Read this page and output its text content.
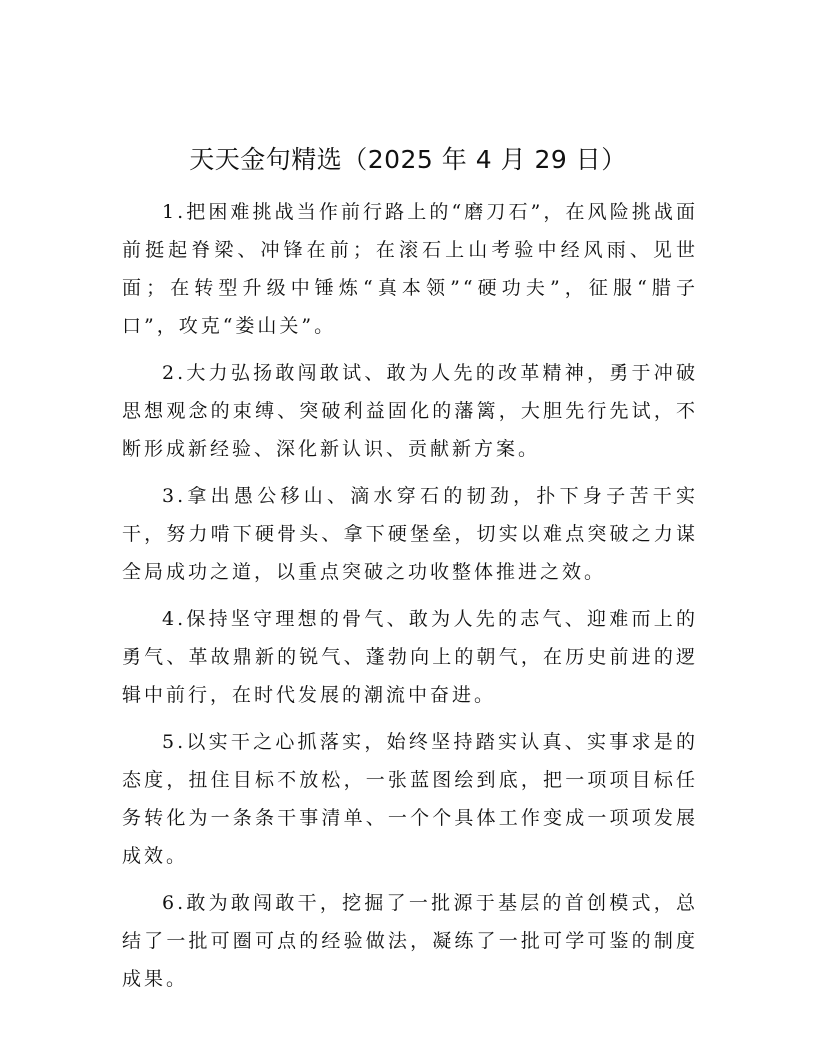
天天金句精选（2025 年 4 月 29 日）

1.把困难挑战当作前行路上的“磨刀石”，在风险挑战面前挺起脊梁、冲锋在前；在滚石上山考验中经风雨、见世面；在转型升级中锤炼“真本领”“硬功夫”，征服“腊子口”，攻克“娄山关”。

2.大力弘扬敢闯敢试、敢为人先的改革精神，勇于冲破思想观念的束缚、突破利益固化的藩篱，大胆先行先试，不断形成新经验、深化新认识、贡献新方案。

3.拿出愚公移山、滴水穿石的韧劲，扑下身子苦干实干，努力啃下硬骨头、拿下硬堡垒，切实以难点突破之力谋全局成功之道，以重点突破之功收整体推进之效。

4.保持坚守理想的骨气、敢为人先的志气、迎难而上的勇气、革故鼎新的锐气、蓬勃向上的朝气，在历史前进的逻辑中前行，在时代发展的潮流中奋进。

5.以实干之心抓落实，始终坚持踏实认真、实事求是的态度，扭住目标不放松，一张蓝图绘到底，把一项项目标任务转化为一条条干事清单、一个个具体工作变成一项项发展成效。

6.敢为敢闯敢干，挖掘了一批源于基层的首创模式，总结了一批可圈可点的经验做法，凝练了一批可学可鉴的制度成果。
